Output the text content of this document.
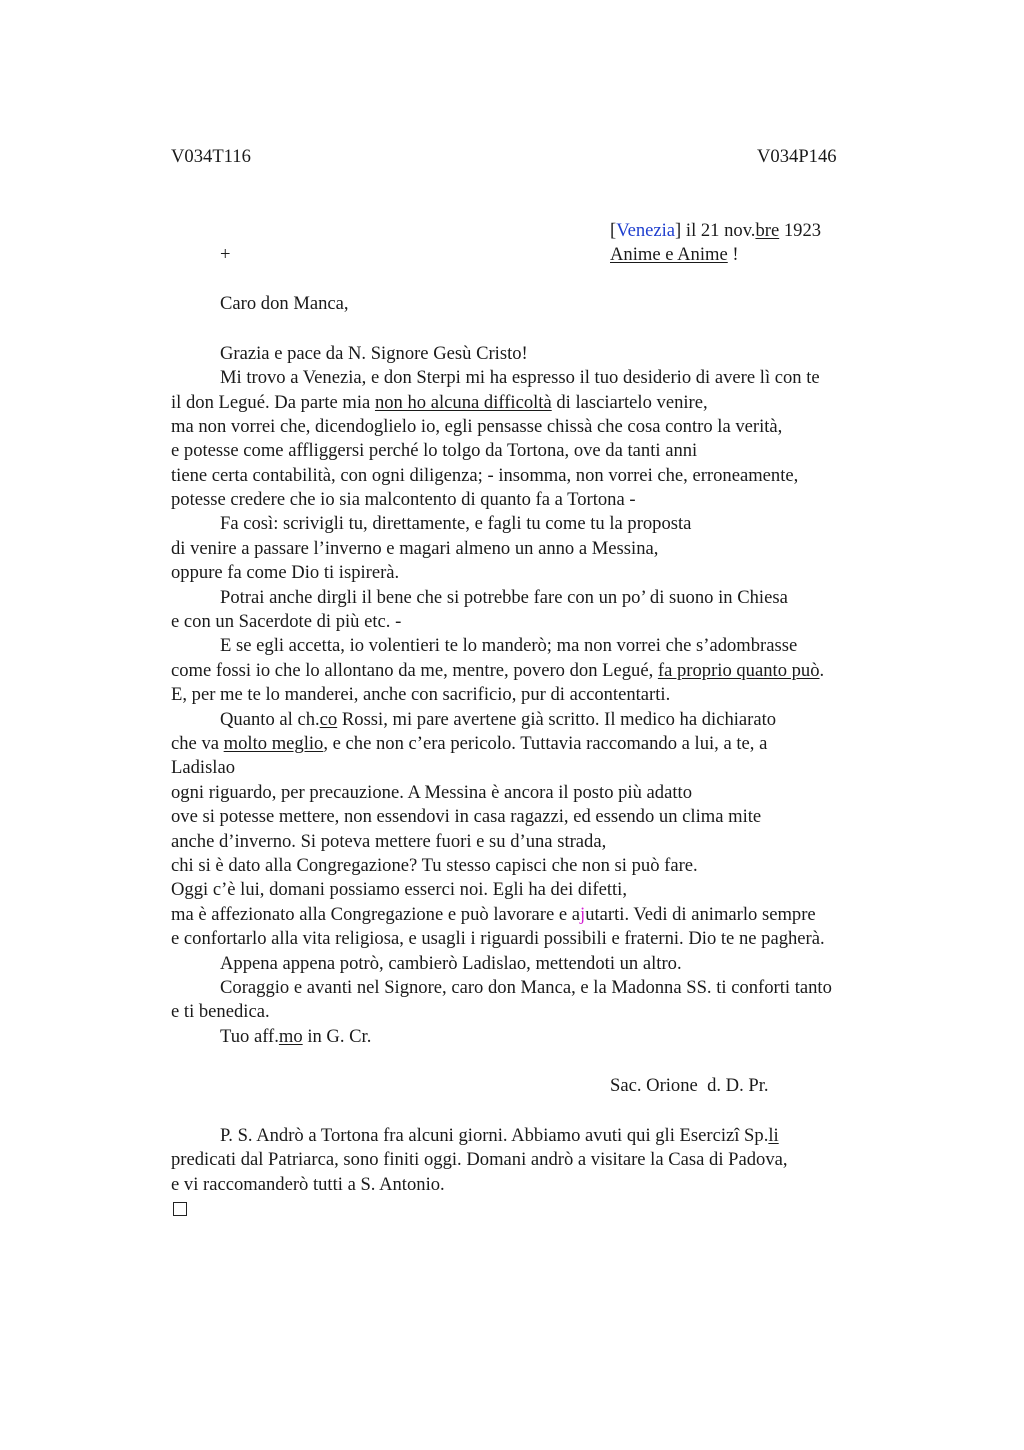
V034T116	V034P146
[Venezia] il 21 nov.bre 1923
+	Anime e Anime !
Caro don Manca,
Grazia e pace da N. Signore Gesù Cristo!
Mi trovo a Venezia, e don Sterpi mi ha espresso il tuo desiderio di avere lì con te
il don Legué. Da parte mia non ho alcuna difficoltà di lasciartelo venire,
ma non vorrei che, dicendoglielo io, egli pensasse chissà che cosa contro la verità,
e potesse come affliggersi perché lo tolgo da Tortona, ove da tanti anni
tiene certa contabilità, con ogni diligenza; - insomma, non vorrei che, erroneamente,
potesse credere che io sia malcontento di quanto fa a Tortona -
Fa così: scrivigli tu, direttamente, e fagli tu come tu la proposta
di venire a passare l’inverno e magari almeno un anno a Messina,
oppure fa come Dio ti ispirerà.
Potrai anche dirgli il bene che si potrebbe fare con un po’ di suono in Chiesa
e con un Sacerdote di più etc. -
E se egli accetta, io volentieri te lo manderò; ma non vorrei che s’adombrasse
come fossi io che lo allontano da me, mentre, povero don Legué, fa proprio quanto può.
E, per me te lo manderei, anche con sacrificio, pur di accontentarti.
Quanto al ch.co Rossi, mi pare avertene già scritto. Il medico ha dichiarato
che va molto meglio, e che non c’era pericolo. Tuttavia raccomando a lui, a te, a
Ladislao
ogni riguardo, per precauzione. A Messina è ancora il posto più adatto
ove si potesse mettere, non essendovi in casa ragazzi, ed essendo un clima mite
anche d’inverno. Si poteva mettere fuori e su d’una strada,
chi si è dato alla Congregazione? Tu stesso capisci che non si può fare.
Oggi c’è lui, domani possiamo esserci noi. Egli ha dei difetti,
ma è affezionato alla Congregazione e può lavorare e ajutarti. Vedi di animarlo sempre
e confortarlo alla vita religiosa, e usagli i riguardi possibili e fraterni. Dio te ne pagherà.
Appena appena potrò, cambierò Ladislao, mettendoti un altro.
Coraggio e avanti nel Signore, caro don Manca, e la Madonna SS. ti conforti tanto
e ti benedica.
Tuo aff.mo in G. Cr.
Sac. Orione  d. D. Pr.
P. S. Andrò a Tortona fra alcuni giorni. Abbiamo avuti qui gli Esercizî Sp.li
predicati dal Patriarca, sono finiti oggi. Domani andrò a visitare la Casa di Padova,
e vi raccomanderò tutti a S. Antonio.
